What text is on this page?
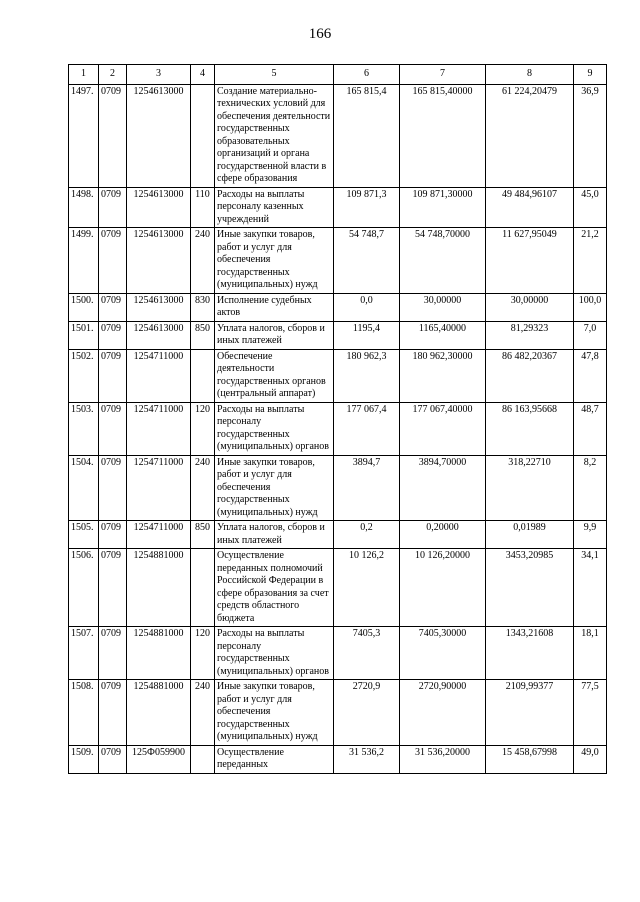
166
1	2	3	4	5	6	7	8	9
1497.	0709	1254613000		Создание материально-технических условий для обеспечения деятельности государственных образовательных организаций и органа государственной власти в сфере образования	165 815,4	165 815,40000	61 224,20479	36,9
1498.	0709	1254613000	110	Расходы на выплаты персоналу казенных учреждений	109 871,3	109 871,30000	49 484,96107	45,0
1499.	0709	1254613000	240	Иные закупки товаров, работ и услуг для обеспечения государственных (муниципальных) нужд	54 748,7	54 748,70000	11 627,95049	21,2
1500.	0709	1254613000	830	Исполнение судебных актов	0,0	30,00000	30,00000	100,0
1501.	0709	1254613000	850	Уплата налогов, сборов и иных платежей	1195,4	1165,40000	81,29323	7,0
1502.	0709	1254711000		Обеспечение деятельности государственных органов (центральный аппарат)	180 962,3	180 962,30000	86 482,20367	47,8
1503.	0709	1254711000	120	Расходы на выплаты персоналу государственных (муниципальных) органов	177 067,4	177 067,40000	86 163,95668	48,7
1504.	0709	1254711000	240	Иные закупки товаров, работ и услуг для обеспечения государственных (муниципальных) нужд	3894,7	3894,70000	318,22710	8,2
1505.	0709	1254711000	850	Уплата налогов, сборов и иных платежей	0,2	0,20000	0,01989	9,9
1506.	0709	1254881000		Осуществление переданных полномочий Российской Федерации в сфере образования за счет средств областного бюджета	10 126,2	10 126,20000	3453,20985	34,1
1507.	0709	1254881000	120	Расходы на выплаты персоналу государственных (муниципальных) органов	7405,3	7405,30000	1343,21608	18,1
1508.	0709	1254881000	240	Иные закупки товаров, работ и услуг для обеспечения государственных (муниципальных) нужд	2720,9	2720,90000	2109,99377	77,5
1509.	0709	125Ф059900		Осуществление переданных	31 536,2	31 536,20000	15 458,67998	49,0
